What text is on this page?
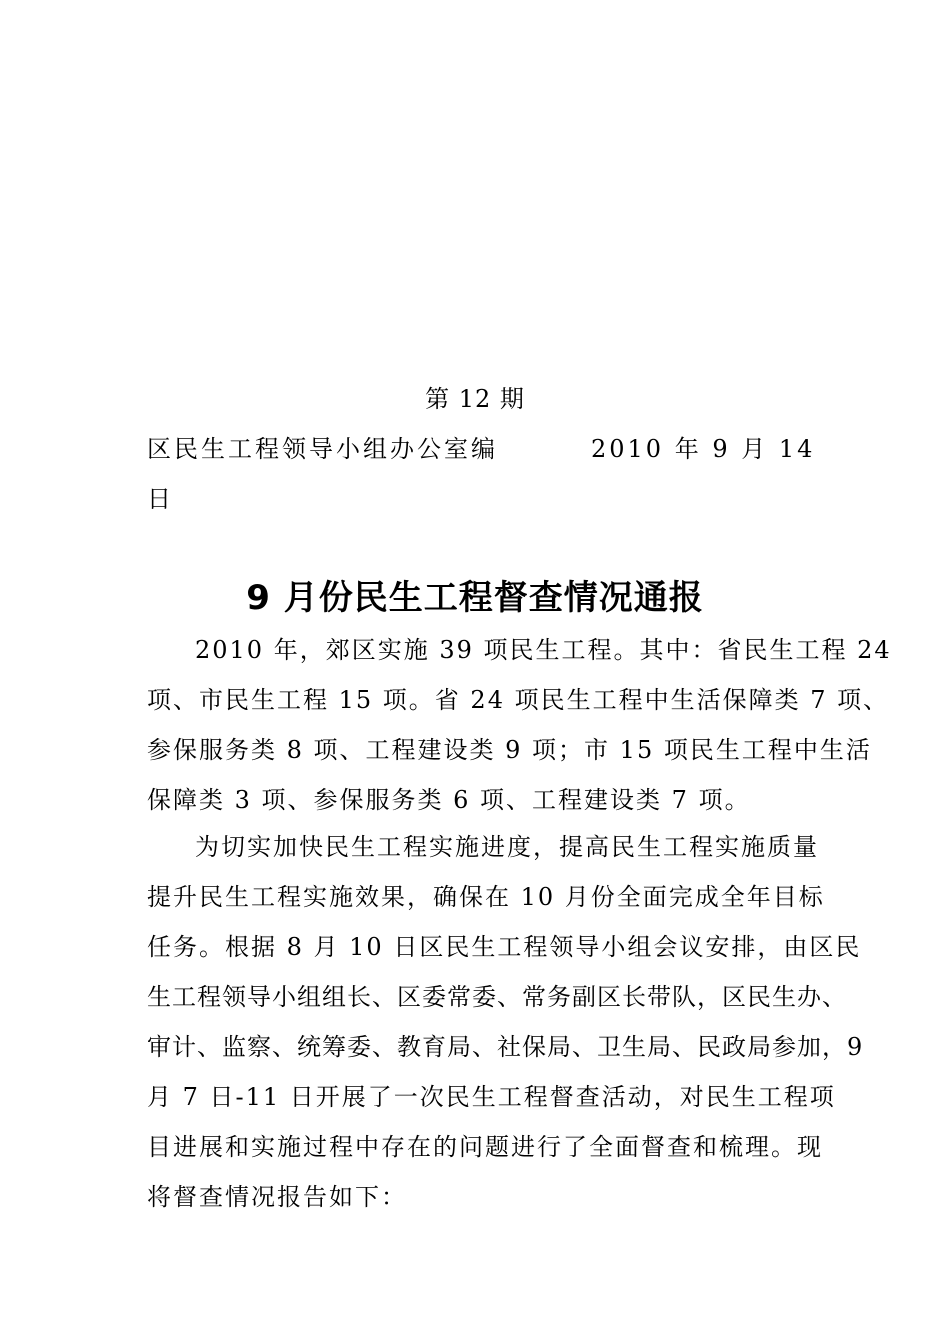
第 12 期
区民生工程领导小组办公室编	2010 年 9 月 14
日
9 月份民生工程督查情况通报

2010 年，郊区实施 39 项民生工程。其中：省民生工程 24

项、市民生工程 15 项。省 24 项民生工程中生活保障类 7 项、

参保服务类 8 项、工程建设类 9 项；市 15 项民生工程中生活

保障类 3 项、参保服务类 6 项、工程建设类 7 项。

为切实加快民生工程实施进度，提高民生工程实施质量

提升民生工程实施效果，确保在 10 月份全面完成全年目标

任务。根据 8 月 10 日区民生工程领导小组会议安排，由区民

生工程领导小组组长、区委常委、常务副区长带队，区民生办、

审计、监察、统筹委、教育局、社保局、卫生局、民政局参加，9

月 7 日-11 日开展了一次民生工程督查活动，对民生工程项

目进展和实施过程中存在的问题进行了全面督查和梳理。现

将督查情况报告如下：
